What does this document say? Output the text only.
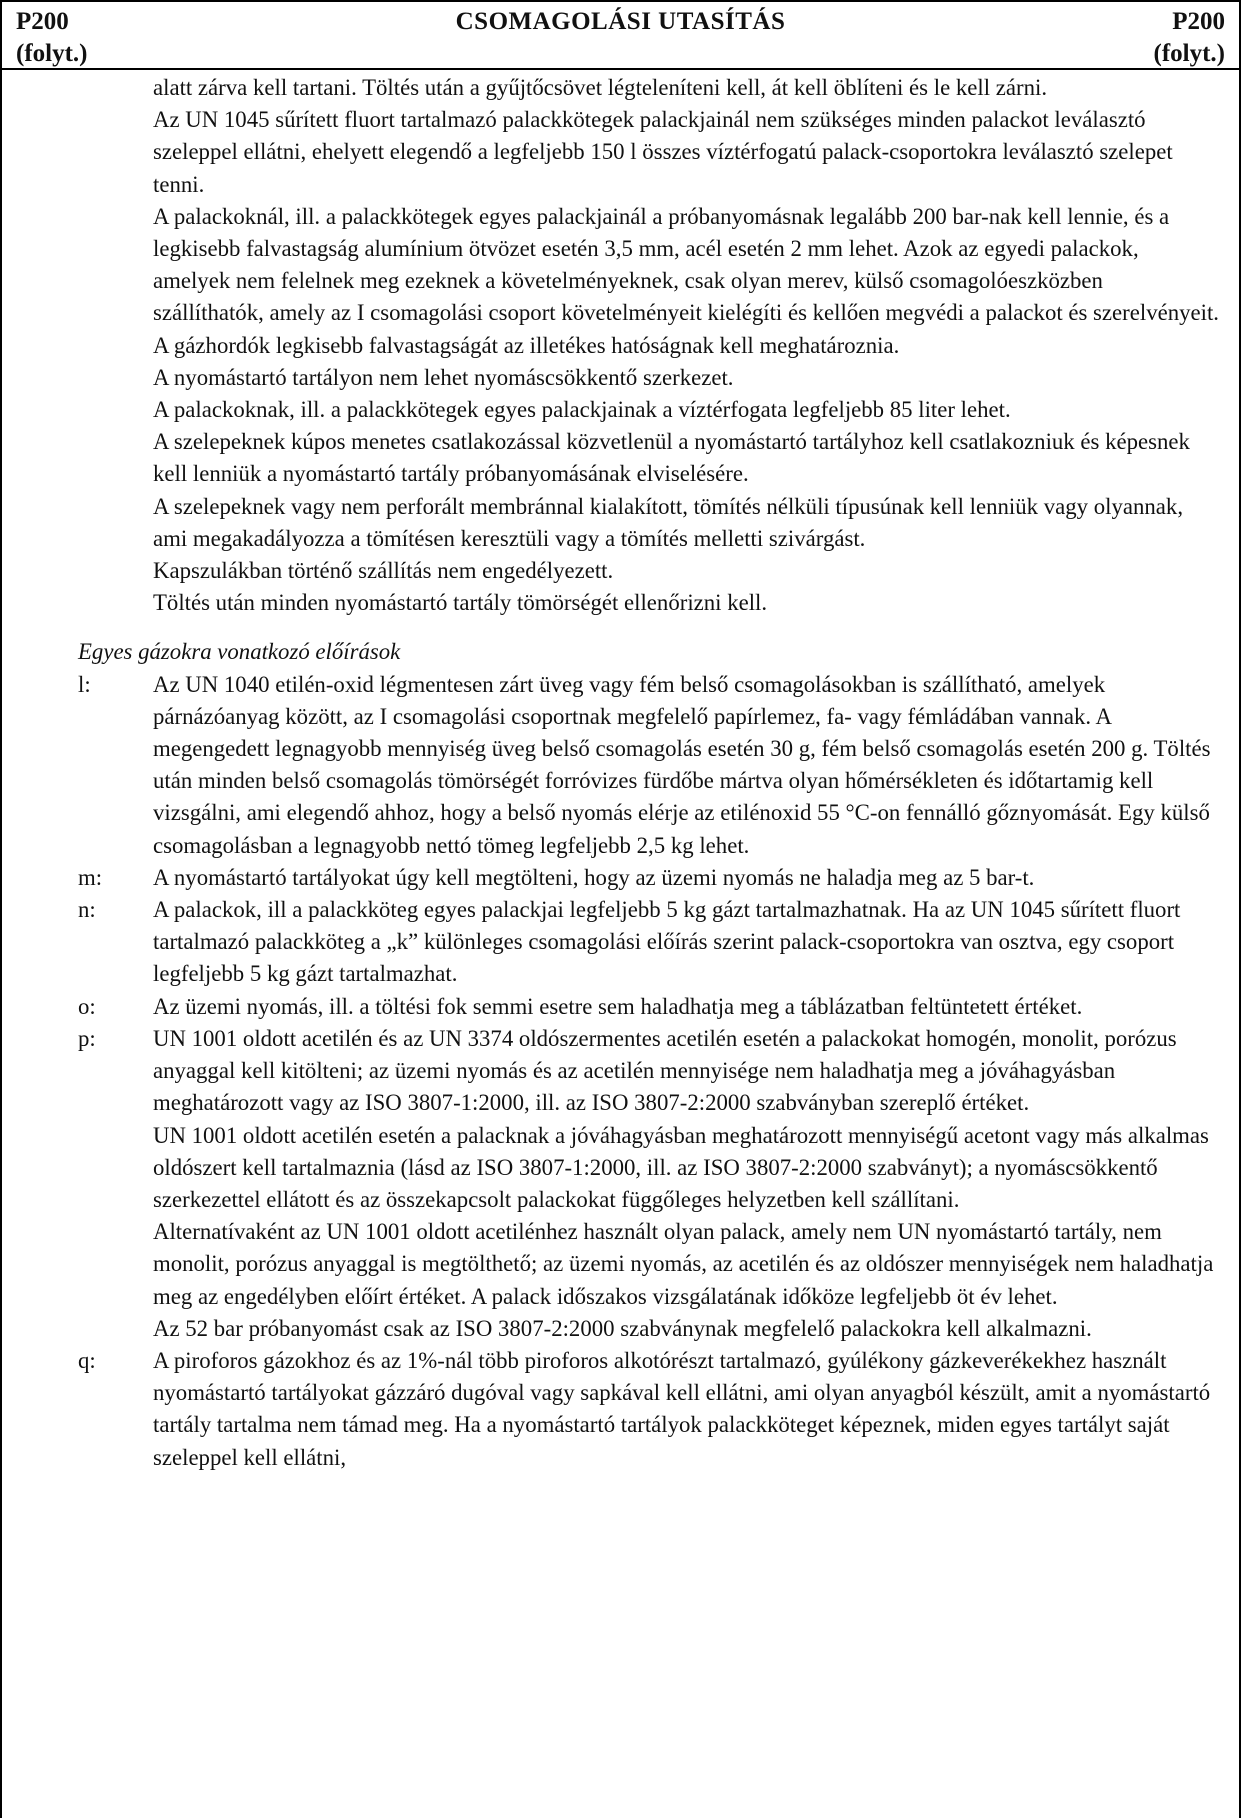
P200
(folyt.)
CSOMAGOLÁSI UTASÍTÁS	P200
(folyt.)
alatt zárva kell tartani. Töltés után a gyűjtőcsövet légteleníteni kell, át kell öblíteni és le kell zárni.
Az UN 1045 sűrített fluort tartalmazó palackkötegek palackjainál nem szükséges minden palackot leválasztó szeleppel ellátni, ehelyett elegendő a legfeljebb 150 l összes víztérfogatú palack-csoportokra leválasztó szelepet tenni.
A palackoknál, ill. a palackkötegek egyes palackjainál a próbanyomásnak legalább 200 bar-nak kell lennie, és a legkisebb falvastagság alumínium ötvözet esetén 3,5 mm, acél esetén 2 mm lehet. Azok az egyedi palackok, amelyek nem felelnek meg ezeknek a követelményeknek, csak olyan merev, külső csomagolóeszközben szállíthatók, amely az I csomagolási csoport követelményeit kielégíti és kellően megvédi a palackot és szerelvényeit.
A gázhordók legkisebb falvastagságát az illetékes hatóságnak kell meghatároznia.
A nyomástartó tartályon nem lehet nyomáscsökkentő szerkezet.
A palackoknak, ill. a palackkötegek egyes palackjainak a víztérfogata legfeljebb 85 liter lehet.
A szelepeknek kúpos menetes csatlakozással közvetlenül a nyomástartó tartályhoz kell csatlakozniuk és képesnek kell lenniük a nyomástartó tartály próbanyomásának elviselésére.
A szelepeknek vagy nem perforált membránnal kialakított, tömítés nélküli típusúnak kell lenniük vagy olyannak, ami megakadályozza a tömítésen keresztüli vagy a tömítés melletti szivárgást.
Kapszulákban történő szállítás nem engedélyezett.
Töltés után minden nyomástartó tartály tömörségét ellenőrizni kell.
Egyes gázokra vonatkozó előírások
l:	Az UN 1040 etilén-oxid légmentesen zárt üveg vagy fém belső csomagolásokban is szállítható, amelyek párnázóanyag között, az I csomagolási csoportnak megfelelő papírlemez, fa- vagy fémládában vannak. A megengedett legnagyobb mennyiség üveg belső csomagolás esetén 30 g, fém belső csomagolás esetén 200 g. Töltés után minden belső csomagolás tömörségét forróvizes fürdőbe mártva olyan hőmérsékleten és időtartamig kell vizsgálni, ami elegendő ahhoz, hogy a belső nyomás elérje az etilénoxid 55 °C-on fennálló gőznyomását. Egy külső csomagolásban a legnagyobb nettó tömeg legfeljebb 2,5 kg lehet.
m:	A nyomástartó tartályokat úgy kell megtölteni, hogy az üzemi nyomás ne haladja meg az 5 bar-t.
n:	A palackok, ill a palackköteg egyes palackjai legfeljebb 5 kg gázt tartalmazhatnak. Ha az UN 1045 sűrített fluort tartalmazó palackköteg a „k” különleges csomagolási előírás szerint palack-csoportokra van osztva, egy csoport legfeljebb 5 kg gázt tartalmazhat.
o:	Az üzemi nyomás, ill. a töltési fok semmi esetre sem haladhatja meg a táblázatban feltüntetett értéket.
p:	UN 1001 oldott acetilén és az UN 3374 oldószermentes acetilén esetén a palackokat homogén, monolit, porózus anyaggal kell kitölteni; az üzemi nyomás és az acetilén mennyisége nem haladhatja meg a jóváhagyásban meghatározott vagy az ISO 3807-1:2000, ill. az ISO 3807-2:2000 szabványban szereplő értéket.
UN 1001 oldott acetilén esetén a palacknak a jóváhagyásban meghatározott mennyiségű acetont vagy más alkalmas oldószert kell tartalmaznia (lásd az ISO 3807-1:2000, ill. az ISO 3807-2:2000 szabványt); a nyomáscsökkentő szerkezettel ellátott és az összekapcsolt palackokat függőleges helyzetben kell szállítani.
Alternatívaként az UN 1001 oldott acetilénhez használt olyan palack, amely nem UN nyomástartó tartály, nem monolit, porózus anyaggal is megtölthető; az üzemi nyomás, az acetilén és az oldószer mennyiségek nem haladhatja meg az engedélyben előírt értéket. A palack időszakos vizsgálatának időköze legfeljebb öt év lehet.
Az 52 bar próbanyomást csak az ISO 3807-2:2000 szabványnak megfelelő palackokra kell alkalmazni.
q:	A piroforos gázokhoz és az 1%-nál több piroforos alkotórészt tartalmazó, gyúlékony gázkeverékekhez használt nyomástartó tartályokat gázzáró dugóval vagy sapkával kell ellátni, ami olyan anyagból készült, amit a nyomástartó tartály tartalma nem támad meg. Ha a nyomástartó tartályok palackköteget képeznek, miden egyes tartályt saját szeleppel kell ellátni,
